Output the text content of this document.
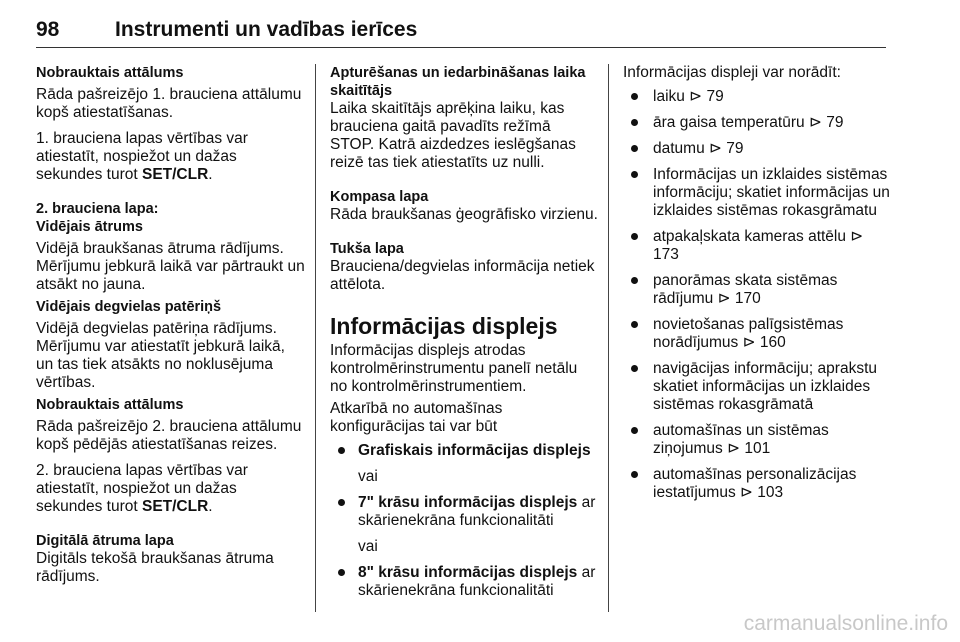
98	Instrumenti un vadības ierīces

Nobrauktais attālums

Rāda pašreizējo 1. brauciena attālumu kopš atiestatīšanas.

1. brauciena lapas vērtības var atiestatīt, nospiežot un dažas sekundes turot SET/CLR.

2. brauciena lapa:

Vidējais ātrums

Vidējā braukšanas ātruma rādījums. Mērījumu jebkurā laikā var pārtraukt un atsākt no jauna.

Vidējais degvielas patēriņš

Vidējā degvielas patēriņa rādījums. Mērījumu var atiestatīt jebkurā laikā, un tas tiek atsākts no noklusējuma vērtības.

Nobrauktais attālums

Rāda pašreizējo 2. brauciena attālumu kopš pēdējās atiestatīšanas reizes.

2. brauciena lapas vērtības var atiestatīt, nospiežot un dažas sekundes turot SET/CLR.

Digitālā ātruma lapa

Digitāls tekošā braukšanas ātruma rādījums.

Apturēšanas un iedarbināšanas laika skaitītājs

Laika skaitītājs aprēķina laiku, kas brauciena gaitā pavadīts režīmā STOP. Katrā aizdedzes ieslēgšanas reizē tas tiek atiestatīts uz nulli.

Kompasa lapa

Rāda braukšanas ģeogrāfisko virzienu.

Tukša lapa

Brauciena/degvielas informācija netiek attēlota.

Informācijas displejs

Informācijas displejs atrodas kontrolmērinstrumentu panelī netālu no kontrolmērinstrumentiem.

Atkarībā no automašīnas konfigurācijas tai var būt

Grafiskais informācijas displejs
vai
7" krāsu informācijas displejs ar skārienekrāna funkcionalitāti
vai
8" krāsu informācijas displejs ar skārienekrāna funkcionalitāti

Informācijas displeji var norādīt:

laiku ⊳ 79
āra gaisa temperatūru ⊳ 79
datumu ⊳ 79
Informācijas un izklaides sistēmas informāciju; skatiet informācijas un izklaides sistēmas rokasgrāmatu
atpakaļskata kameras attēlu ⊳ 173
panorāmas skata sistēmas rādījumu ⊳ 170
novietošanas palīgsistēmas norādījumus ⊳ 160
navigācijas informāciju; aprakstu skatiet informācijas un izklaides sistēmas rokasgrāmatā
automašīnas un sistēmas ziņojumus ⊳ 101
automašīnas personalizācijas iestatījumus ⊳ 103
carmanualsonline.info
